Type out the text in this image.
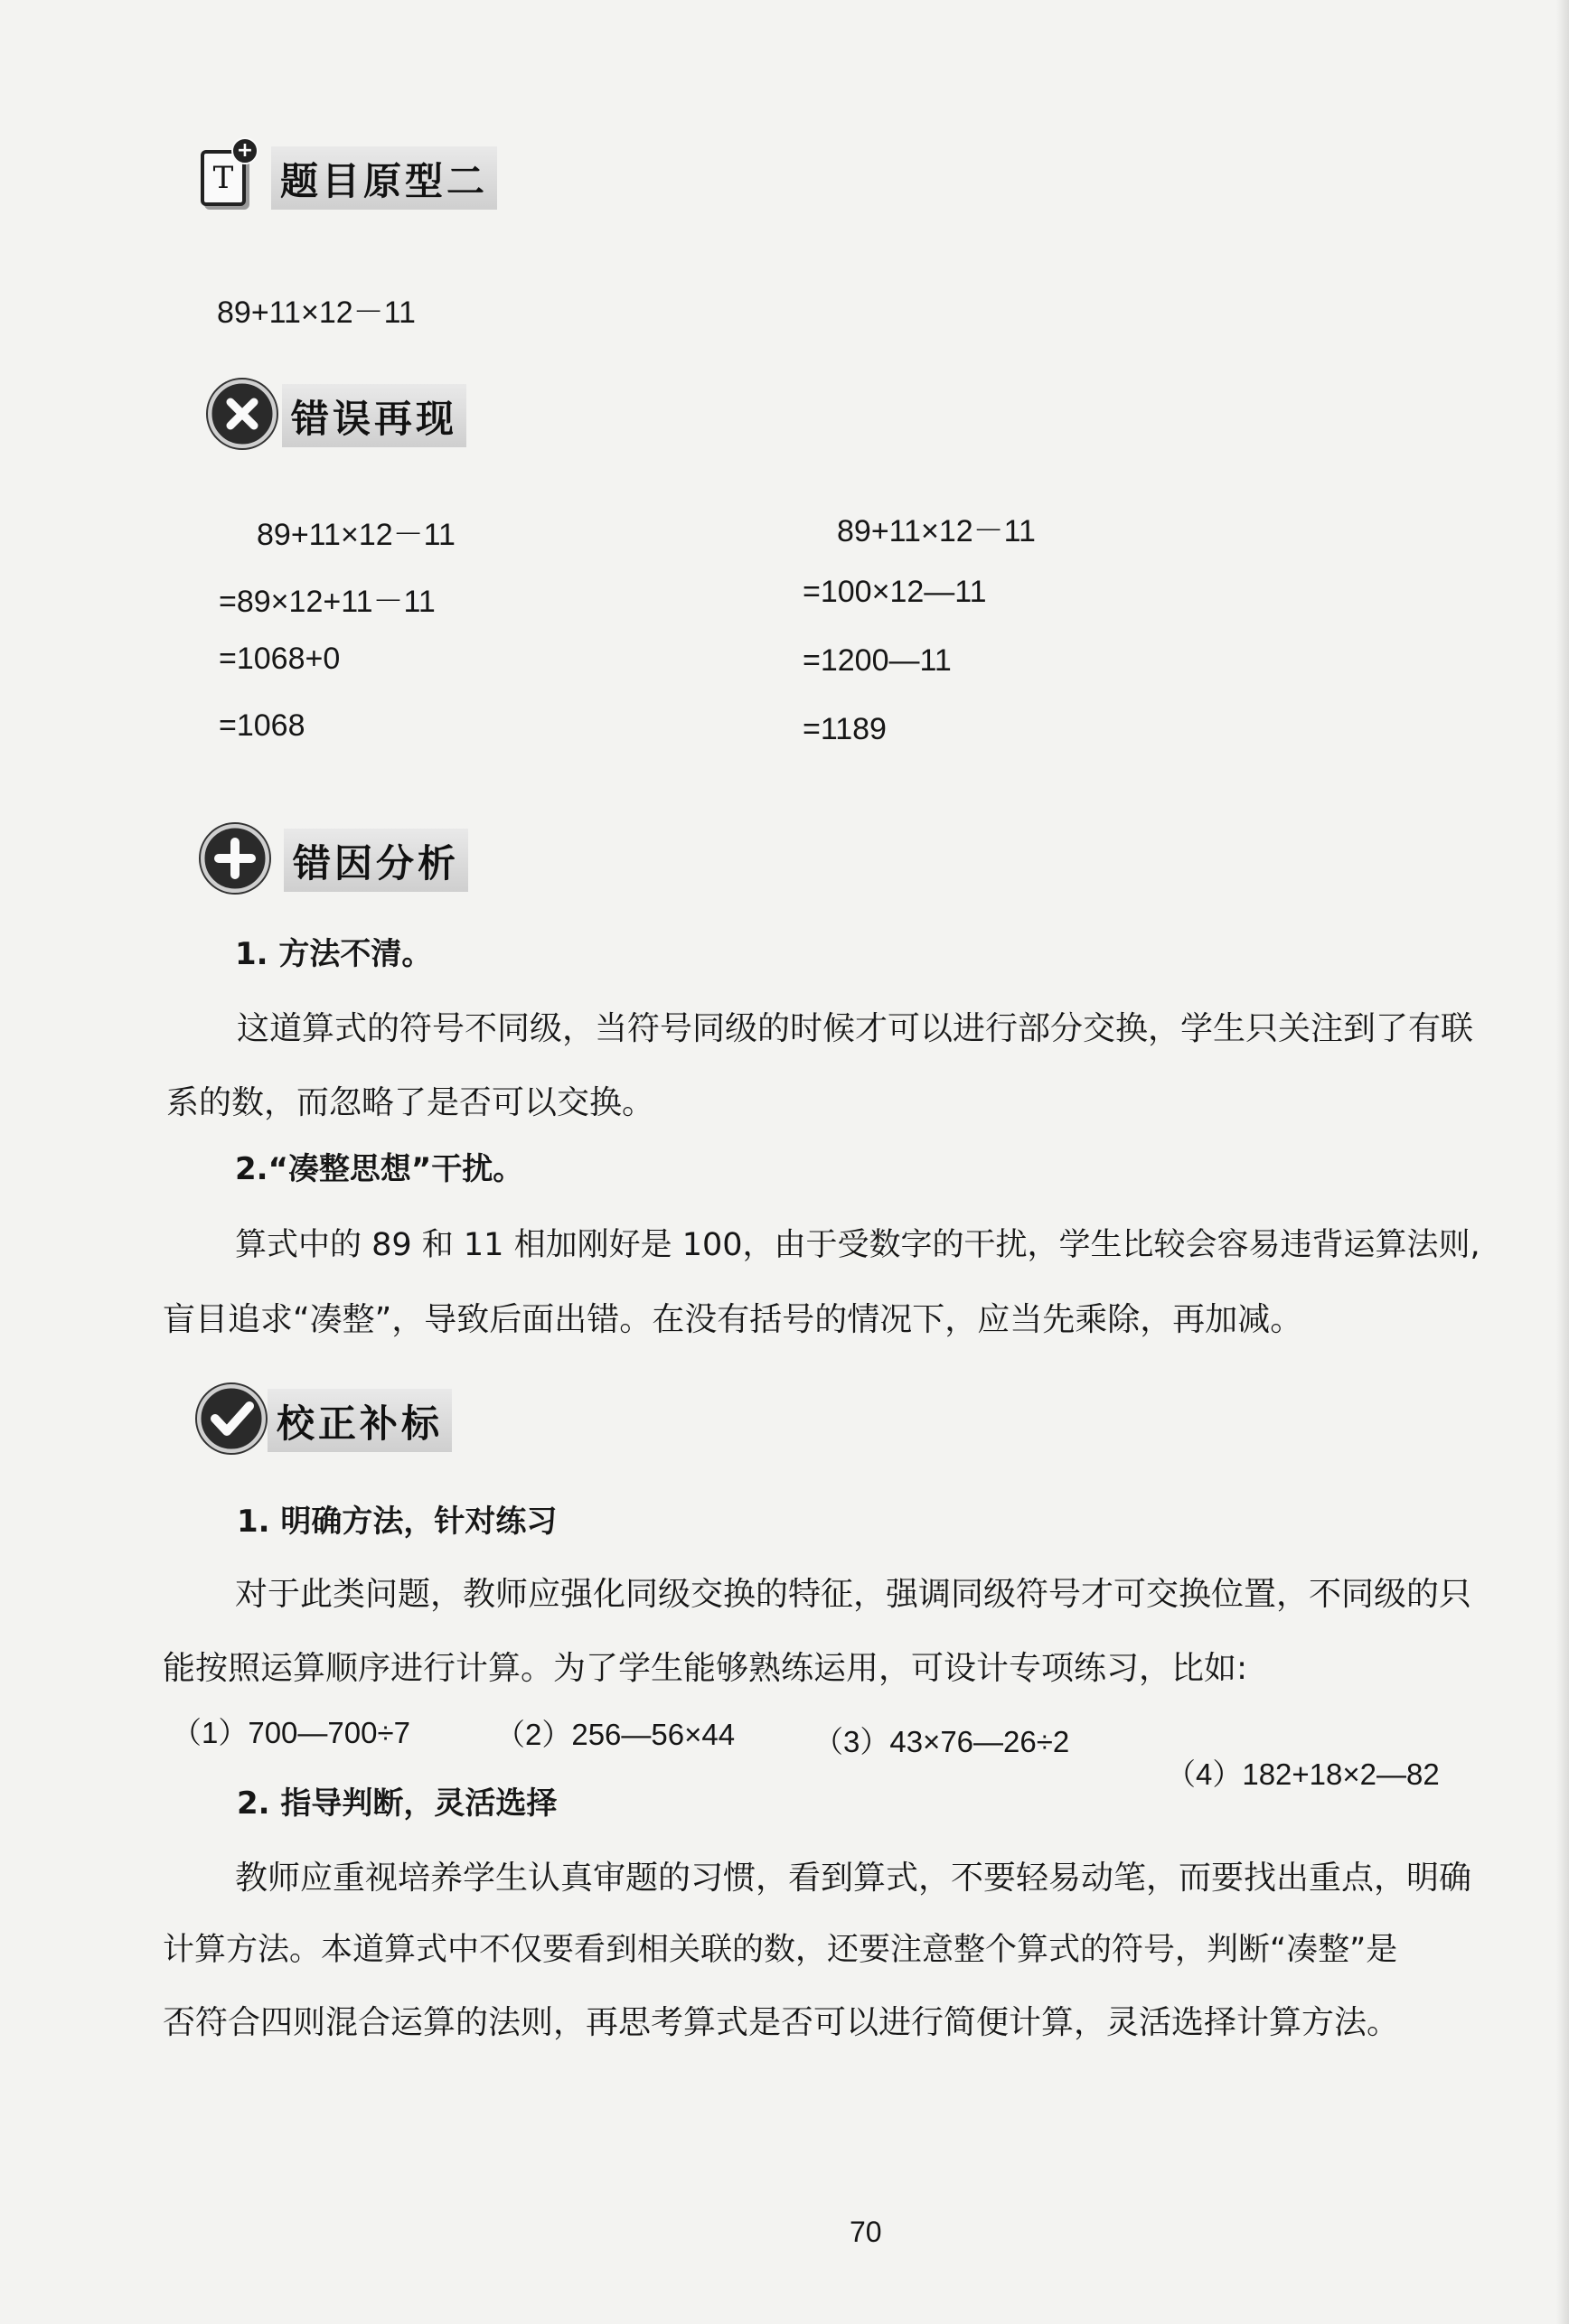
T
+
题目原型二
89+11×12－11
错误再现
89+11×12－11
=89×12+11－11
=1068+0
=1068
89+11×12－11
=100×12—11
=1200—11
=1189
错因分析
1. 方法不清。
这道算式的符号不同级，当符号同级的时候才可以进行部分交换，学生只关注到了有联
系的数，而忽略了是否可以交换。
2.“凑整思想”干扰。
算式中的 89 和 11 相加刚好是 100，由于受数字的干扰，学生比较会容易违背运算法则,
盲目追求“凑整”，导致后面出错。在没有括号的情况下，应当先乘除，再加减。
校正补标
1. 明确方法，针对练习
对于此类问题，教师应强化同级交换的特征，强调同级符号才可交换位置，不同级的只
能按照运算顺序进行计算。为了学生能够熟练运用，可设计专项练习，比如:
（1）700—700÷7	（2）256—56×44	（3）43×76—26÷2
（4）182+18×2—82
2. 指导判断，灵活选择
教师应重视培养学生认真审题的习惯，看到算式，不要轻易动笔，而要找出重点，明确
计算方法。本道算式中不仅要看到相关联的数，还要注意整个算式的符号，判断“凑整”是
否符合四则混合运算的法则，再思考算式是否可以进行简便计算，灵活选择计算方法。
70
